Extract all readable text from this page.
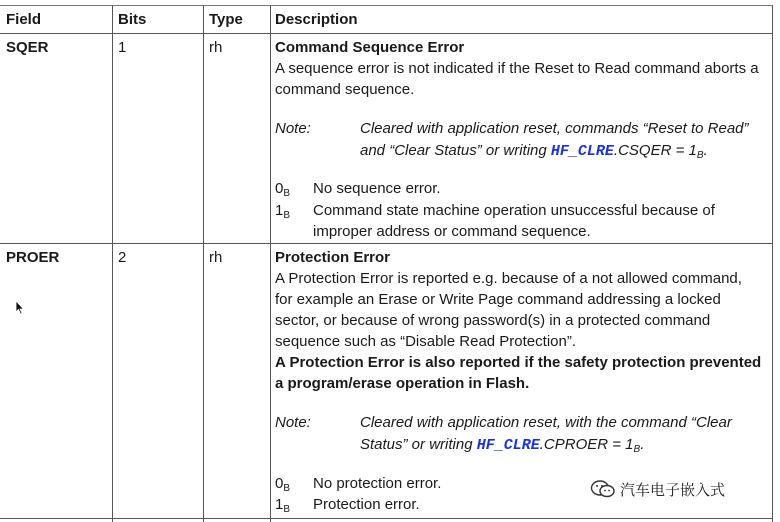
Field	Bits	Type Description
SQER	1	rh	Command Sequence Error
A sequence error is not indicated if the Reset to Read command aborts a
command sequence.
Note:	Cleared with application reset, commands “Reset to Read”
and “Clear Status” or writing HF_CLRE.CSQER = $1_B$.
$0_B$ No sequence error.
$1_B$ Command state machine operation unsuccessful because of
improper address or command sequence.
PROER	2	rh	Protection Error
A Protection Error is reported e.g. because of a not allowed command,
for example an Erase or Write Page command addressing a locked
sector, or because of wrong password(s) in a protected command
sequence such as “Disable Read Protection”.
A Protection Error is also reported if the safety protection prevented
a program/erase operation in Flash.
Note:	Cleared with application reset, with the command “Clear
Status” or writing HF_CLRE.CPROER = $1_B$.
$0_B$ No protection error.
$1_B$ Protection error.
汽车电子嵌入式
